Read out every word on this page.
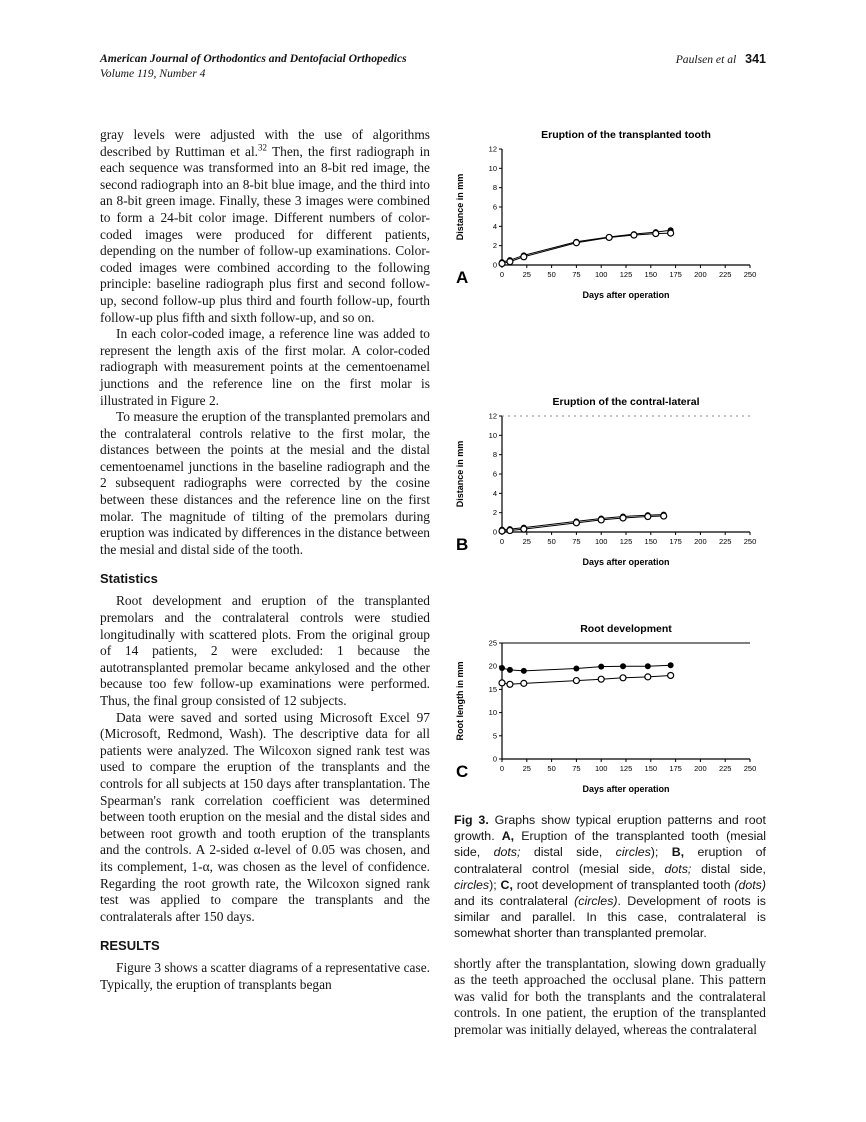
American Journal of Orthodontics and Dentofacial Orthopedics
Volume 119, Number 4
Paulsen et al 341

gray levels were adjusted with the use of algorithms described by Ruttiman et al.$^{32}$ Then, the first radiograph in each sequence was transformed into an 8-bit red image, the second radiograph into an 8-bit blue image, and the third into an 8-bit green image. Finally, these 3 images were combined to form a 24-bit color image. Different numbers of color-coded images were produced for different patients, depending on the number of follow-up examinations. Color-coded images were combined according to the following principle: baseline radiograph plus first and second follow-up, second follow-up plus third and fourth follow-up, fourth follow-up plus fifth and sixth follow-up, and so on.

In each color-coded image, a reference line was added to represent the length axis of the first molar. A color-coded radiograph with measurement points at the cementoenamel junctions and the reference line on the first molar is illustrated in Figure 2.

To measure the eruption of the transplanted premolars and the contralateral controls relative to the first molar, the distances between the points at the mesial and the distal cementoenamel junctions in the baseline radiograph and the 2 subsequent radiographs were corrected by the cosine between these distances and the reference line on the first molar. The magnitude of tilting of the premolars during eruption was indicated by differences in the distance between the mesial and distal side of the tooth.

Statistics

Root development and eruption of the transplanted premolars and the contralateral controls were studied longitudinally with scattered plots. From the original group of 14 patients, 2 were excluded: 1 because the autotransplanted premolar became ankylosed and the other because too few follow-up examinations were performed. Thus, the final group consisted of 12 subjects.

Data were saved and sorted using Microsoft Excel 97 (Microsoft, Redmond, Wash). The descriptive data for all patients were analyzed. The Wilcoxon signed rank test was used to compare the eruption of the transplants and the controls for all subjects at 150 days after transplantation. The Spearman's rank correlation coefficient was determined between tooth eruption on the mesial and the distal sides and between root growth and tooth eruption of the transplants and the controls. A 2-sided α-level of 0.05 was chosen, and its complement, 1-α, was chosen as the level of confidence. Regarding the root growth rate, the Wilcoxon signed rank test was applied to compare the transplants and the contralaterals after 150 days.

RESULTS

Figure 3 shows a scatter diagrams of a representative case. Typically, the eruption of transplants began

Eruption of the transplanted tooth
0
2
4
6
8
10
12
0 25 50 75 100 125 150 175 200 225 250
Days after operation
Distance in mm
A
Eruption of the contral-lateral
0
2
4
6
8
10
12
0 25 50 75 100 125 150 175 200 225 250
Days after operation
Distance in mm
B
Root development
0
5
10
15
20
25
0 25 50 75 100 125 150 175 200 225 250
Days after operation
Root length in mm
C

Fig 3. Graphs show typical eruption patterns and root growth. A, Eruption of the transplanted tooth (mesial side, dots; distal side, circles); B, eruption of contralateral control (mesial side, dots; distal side, circles); C, root development of transplanted tooth (dots) and its contralateral (circles). Development of roots is similar and parallel. In this case, contralateral is somewhat shorter than transplanted premolar.

shortly after the transplantation, slowing down gradually as the teeth approached the occlusal plane. This pattern was valid for both the transplants and the contralateral controls. In one patient, the eruption of the transplanted premolar was initially delayed, whereas the contralateral
